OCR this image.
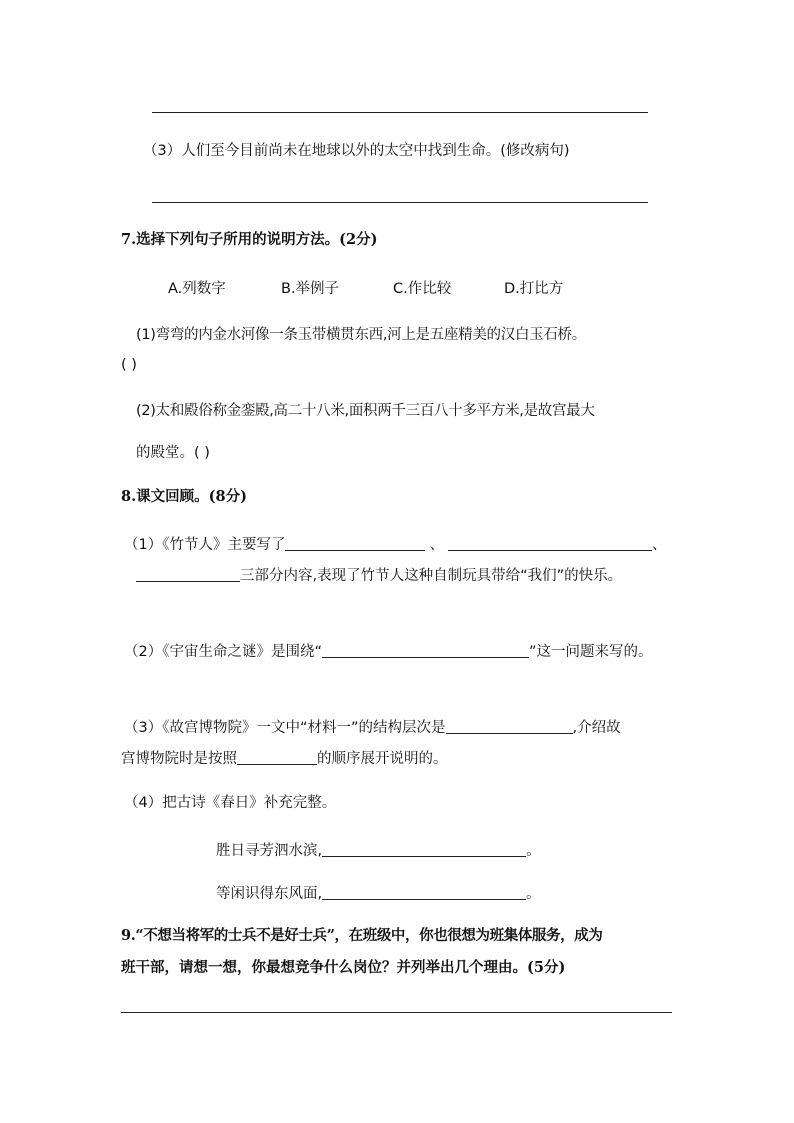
（3）人们至今目前尚未在地球以外的太空中找到生命。(修改病句)
7.选择下列句子所用的说明方法。(2分)
A.列数字	B.举例子	C.作比较	D.打比方
(1)弯弯的内金水河像一条玉带横贯东西,河上是五座精美的汉白玉石桥。
( )
(2)太和殿俗称金銮殿,高二十八米,面积两千三百八十多平方米,是故宫最大
的殿堂。( )
8.课文回顾。(8分)
（1）《竹节人》主要写了	、	、
三部分内容,表现了竹节人这种自制玩具带给“我们”的快乐。
（2）《宇宙生命之谜》是围绕“	”这一问题来写的。
（3）《故宫博物院》一文中“材料一”的结构层次是	,介绍故
宫博物院时是按照	的顺序展开说明的。
（4）把古诗《春日》补充完整。
胜日寻芳泗水滨,	。
等闲识得东风面,	。
9.“不想当将军的士兵不是好士兵”，在班级中，你也很想为班集体服务，成为
班干部，请想一想，你最想竞争什么岗位？并列举出几个理由。(5分)
